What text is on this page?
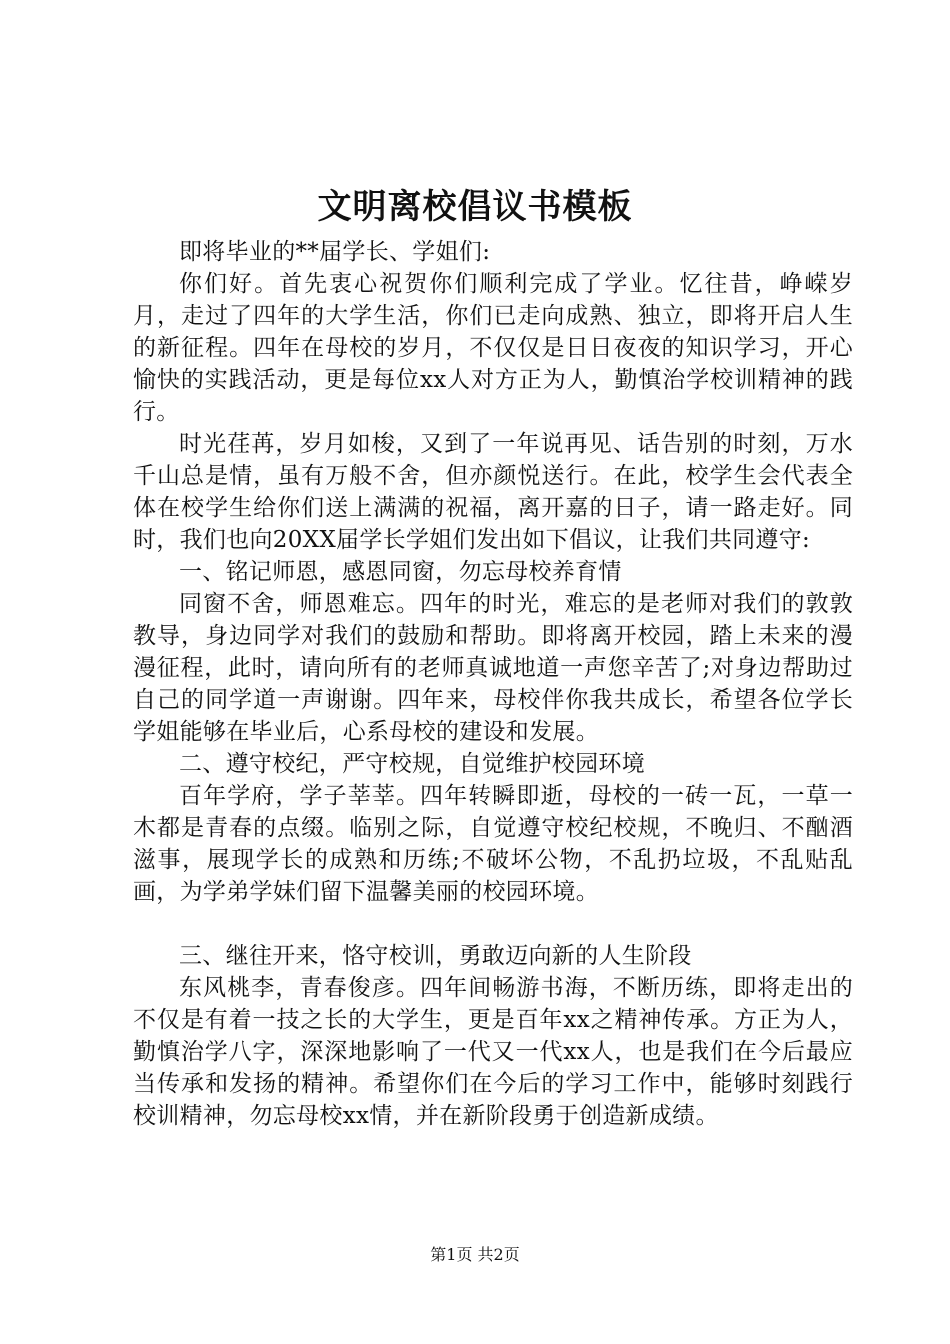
文明离校倡议书模板

即将毕业的**届学长、学姐们:

你们好。首先衷心祝贺你们顺利完成了学业。忆往昔，峥嵘岁月，走过了四年的大学生活，你们已走向成熟、独立，即将开启人生的新征程。四年在母校的岁月，不仅仅是日日夜夜的知识学习，开心愉快的实践活动，更是每位xx人对方正为人，勤慎治学校训精神的践行。

时光荏苒，岁月如梭，又到了一年说再见、话告别的时刻，万水千山总是情，虽有万般不舍，但亦颜悦送行。在此，校学生会代表全体在校学生给你们送上满满的祝福，离开嘉的日子，请一路走好。同时，我们也向20XX届学长学姐们发出如下倡议，让我们共同遵守:

一、铭记师恩，感恩同窗，勿忘母校养育情

同窗不舍，师恩难忘。四年的时光，难忘的是老师对我们的敦敦教导，身边同学对我们的鼓励和帮助。即将离开校园，踏上未来的漫漫征程，此时，请向所有的老师真诚地道一声您辛苦了;对身边帮助过自己的同学道一声谢谢。四年来，母校伴你我共成长，希望各位学长学姐能够在毕业后，心系母校的建设和发展。

二、遵守校纪，严守校规，自觉维护校园环境

百年学府，学子莘莘。四年转瞬即逝，母校的一砖一瓦，一草一木都是青春的点缀。临别之际，自觉遵守校纪校规，不晚归、不酗酒滋事，展现学长的成熟和历练;不破坏公物，不乱扔垃圾，不乱贴乱画，为学弟学妹们留下温馨美丽的校园环境。

三、继往开来，恪守校训，勇敢迈向新的人生阶段

东风桃李，青春俊彦。四年间畅游书海，不断历练，即将走出的不仅是有着一技之长的大学生，更是百年xx之精神传承。方正为人，勤慎治学八字，深深地影响了一代又一代xx人，也是我们在今后最应当传承和发扬的精神。希望你们在今后的学习工作中，能够时刻践行校训精神，勿忘母校xx情，并在新阶段勇于创造新成绩。

第1页 共2页
